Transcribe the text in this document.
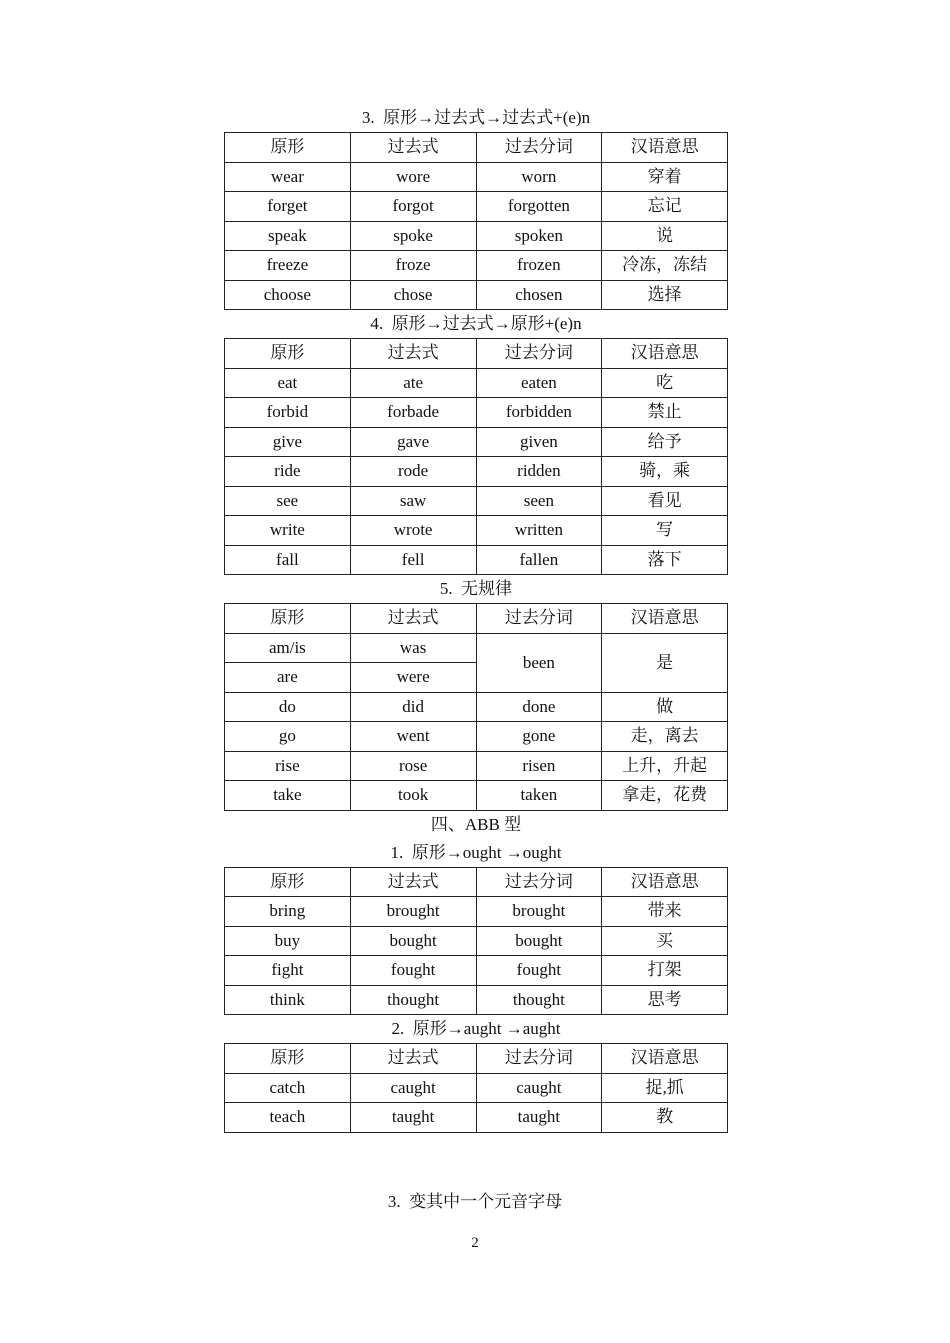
3.  原形→过去式→过去式+(e)n
原形	过去式	过去分词	汉语意思
wear	wore	worn	穿着
forget	forgot	forgotten	忘记
speak	spoke	spoken	说
freeze	froze	frozen	冷冻，冻结
choose	chose	chosen	选择
4.  原形→过去式→原形+(e)n
原形	过去式	过去分词	汉语意思
eat	ate	eaten	吃
forbid	forbade	forbidden	禁止
give	gave	given	给予
ride	rode	ridden	骑，乘
see	saw	seen	看见
write	wrote	written	写
fall	fell	fallen	落下
5.  无规律
原形	过去式	过去分词	汉语意思
am/is	was	been	是
are	were		
do	did	done	做
go	went	gone	走，离去
rise	rose	risen	上升，升起
take	took	taken	拿走，花费
四、ABB 型
1.  原形→ought →ought
原形	过去式	过去分词	汉语意思
bring	brought	brought	带来
buy	bought	bought	买
fight	fought	fought	打架
think	thought	thought	思考
2.  原形→aught →aught
原形	过去式	过去分词	汉语意思
catch	caught	caught	捉,抓
teach	taught	taught	教
3.  变其中一个元音字母
2
